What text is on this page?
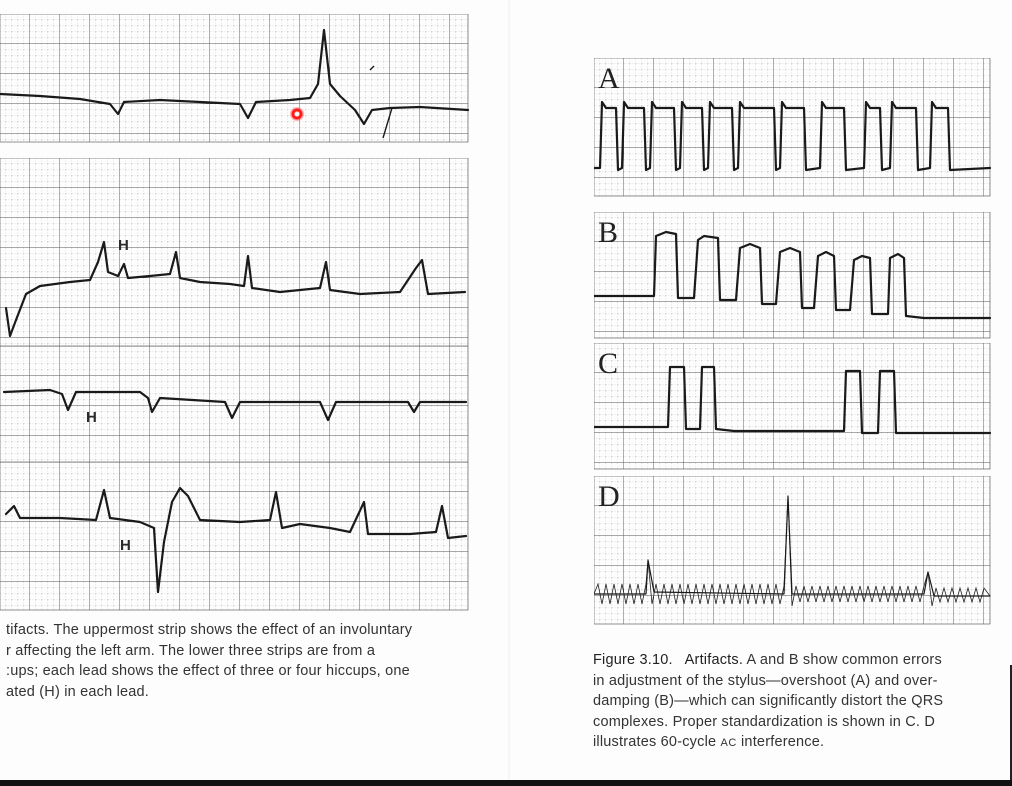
H
H
H

tifacts. The uppermost strip shows the effect of an involuntary

r affecting the left arm. The lower three strips are from a

:ups; each lead shows the effect of three or four hiccups, one

ated (H) in each lead.

A
B
C
D

Figure 3.10. Artifacts. A and B show common errors

in adjustment of the stylus—overshoot (A) and over-

damping (B)—which can significantly distort the QRS

complexes. Proper standardization is shown in C. D

illustrates 60-cycle AC interference.
